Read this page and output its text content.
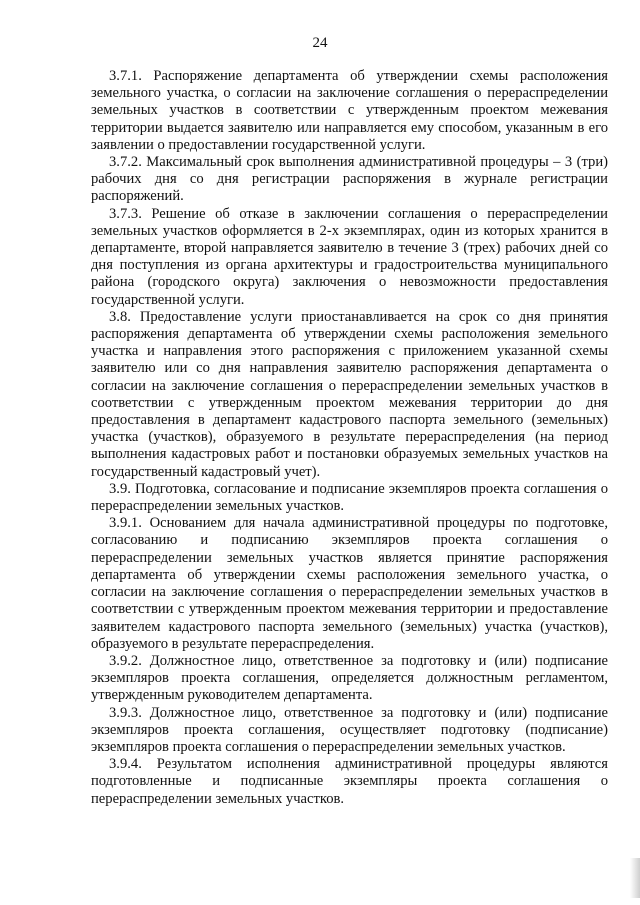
24

3.7.1. Распоряжение департамента об утверждении схемы расположения земельного участка, о согласии на заключение соглашения о перераспределении земельных участков в соответствии с утвержденным проектом межевания территории выдается заявителю или направляется ему способом, указанным в его заявлении о предоставлении государственной услуги.

3.7.2. Максимальный срок выполнения административной процедуры – 3 (три) рабочих дня со дня регистрации распоряжения в журнале регистрации распоряжений.

3.7.3. Решение об отказе в заключении соглашения о перераспределении земельных участков оформляется в 2-х экземплярах, один из которых хранится в департаменте, второй направляется заявителю в течение 3 (трех) рабочих дней со дня поступления из органа архитектуры и градостроительства муниципального района (городского округа) заключения о невозможности предоставления государственной услуги.

3.8. Предоставление услуги приостанавливается на срок со дня принятия распоряжения департамента об утверждении схемы расположения земельного участка и направления этого распоряжения с приложением указанной схемы заявителю или со дня направления заявителю распоряжения департамента о согласии на заключение соглашения о перераспределении земельных участков в соответствии с утвержденным проектом межевания территории до дня предоставления в департамент кадастрового паспорта земельного (земельных) участка (участков), образуемого в результате перераспределения (на период выполнения кадастровых работ и постановки образуемых земельных участков на государственный кадастровый учет).

3.9. Подготовка, согласование и подписание экземпляров проекта соглашения о перераспределении земельных участков.

3.9.1. Основанием для начала административной процедуры по подготовке, согласованию и подписанию экземпляров проекта соглашения о перераспределении земельных участков является принятие распоряжения департамента об утверждении схемы расположения земельного участка, о согласии на заключение соглашения о перераспределении земельных участков в соответствии с утвержденным проектом межевания территории и предоставление заявителем кадастрового паспорта земельного (земельных) участка (участков), образуемого в результате перераспределения.

3.9.2. Должностное лицо, ответственное за подготовку и (или) подписание экземпляров проекта соглашения, определяется должностным регламентом, утвержденным руководителем департамента.

3.9.3. Должностное лицо, ответственное за подготовку и (или) подписание экземпляров проекта соглашения, осуществляет подготовку (подписание) экземпляров проекта соглашения о перераспределении земельных участков.

3.9.4. Результатом исполнения административной процедуры являются подготовленные и подписанные экземпляры проекта соглашения о перераспределении земельных участков.
